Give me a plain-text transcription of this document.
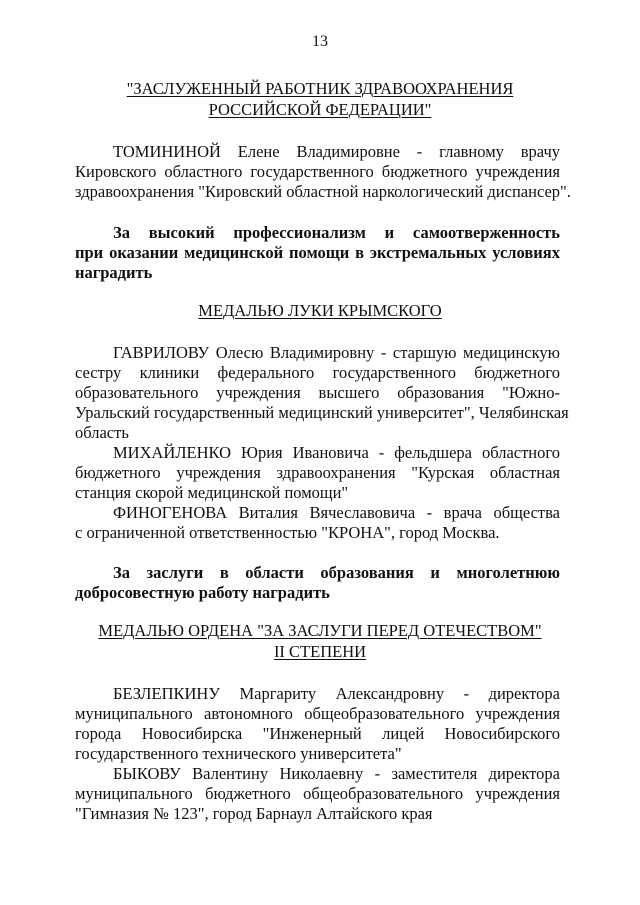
13
"ЗАСЛУЖЕННЫЙ РАБОТНИК ЗДРАВООХРАНЕНИЯ
РОССИЙСКОЙ ФЕДЕРАЦИИ"
ТОМИНИНОЙ Елене Владимировне - главному врачу
Кировского областного государственного бюджетного учреждения
здравоохранения "Кировский областной наркологический диспансер".
За высокий профессионализм и самоотверженность
при оказании медицинской помощи в экстремальных условиях
наградить
МЕДАЛЬЮ ЛУКИ КРЫМСКОГО
ГАВРИЛОВУ Олесю Владимировну - старшую медицинскую
сестру клиники федерального государственного бюджетного
образовательного учреждения высшего образования "Южно-
Уральский государственный медицинский университет", Челябинская
область
МИХАЙЛЕНКО Юрия Ивановича - фельдшера областного
бюджетного учреждения здравоохранения "Курская областная
станция скорой медицинской помощи"
ФИНОГЕНОВА Виталия Вячеславовича - врача общества
с ограниченной ответственностью "КРОНА", город Москва.
За заслуги в области образования и многолетнюю
добросовестную работу наградить
МЕДАЛЬЮ ОРДЕНА "ЗА ЗАСЛУГИ ПЕРЕД ОТЕЧЕСТВОМ"
II СТЕПЕНИ
БЕЗЛЕПКИНУ Маргариту Александровну - директора
муниципального автономного общеобразовательного учреждения
города Новосибирска "Инженерный лицей Новосибирского
государственного технического университета"
БЫКОВУ Валентину Николаевну - заместителя директора
муниципального бюджетного общеобразовательного учреждения
"Гимназия № 123", город Барнаул Алтайского края
